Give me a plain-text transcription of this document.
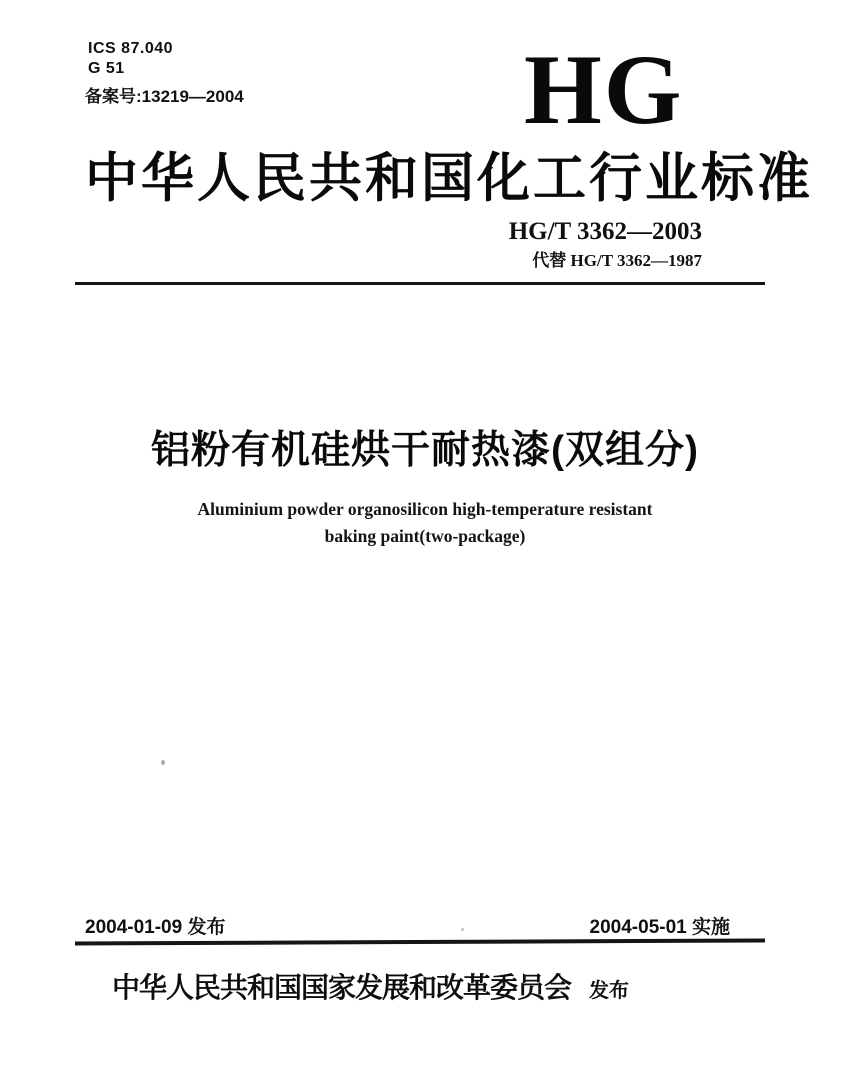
ICS 87.040
G 51
备案号:13219—2004	HG
中华人民共和国化工行业标准
HG/T 3362—2003
代替 HG/T 3362—1987
铝粉有机硅烘干耐热漆(双组分)
Aluminium powder organosilicon high-temperature resistant
baking paint(two-package)
2004-01-09 发布	2004-05-01 实施
中华人民共和国国家发展和改革委员会 发布
